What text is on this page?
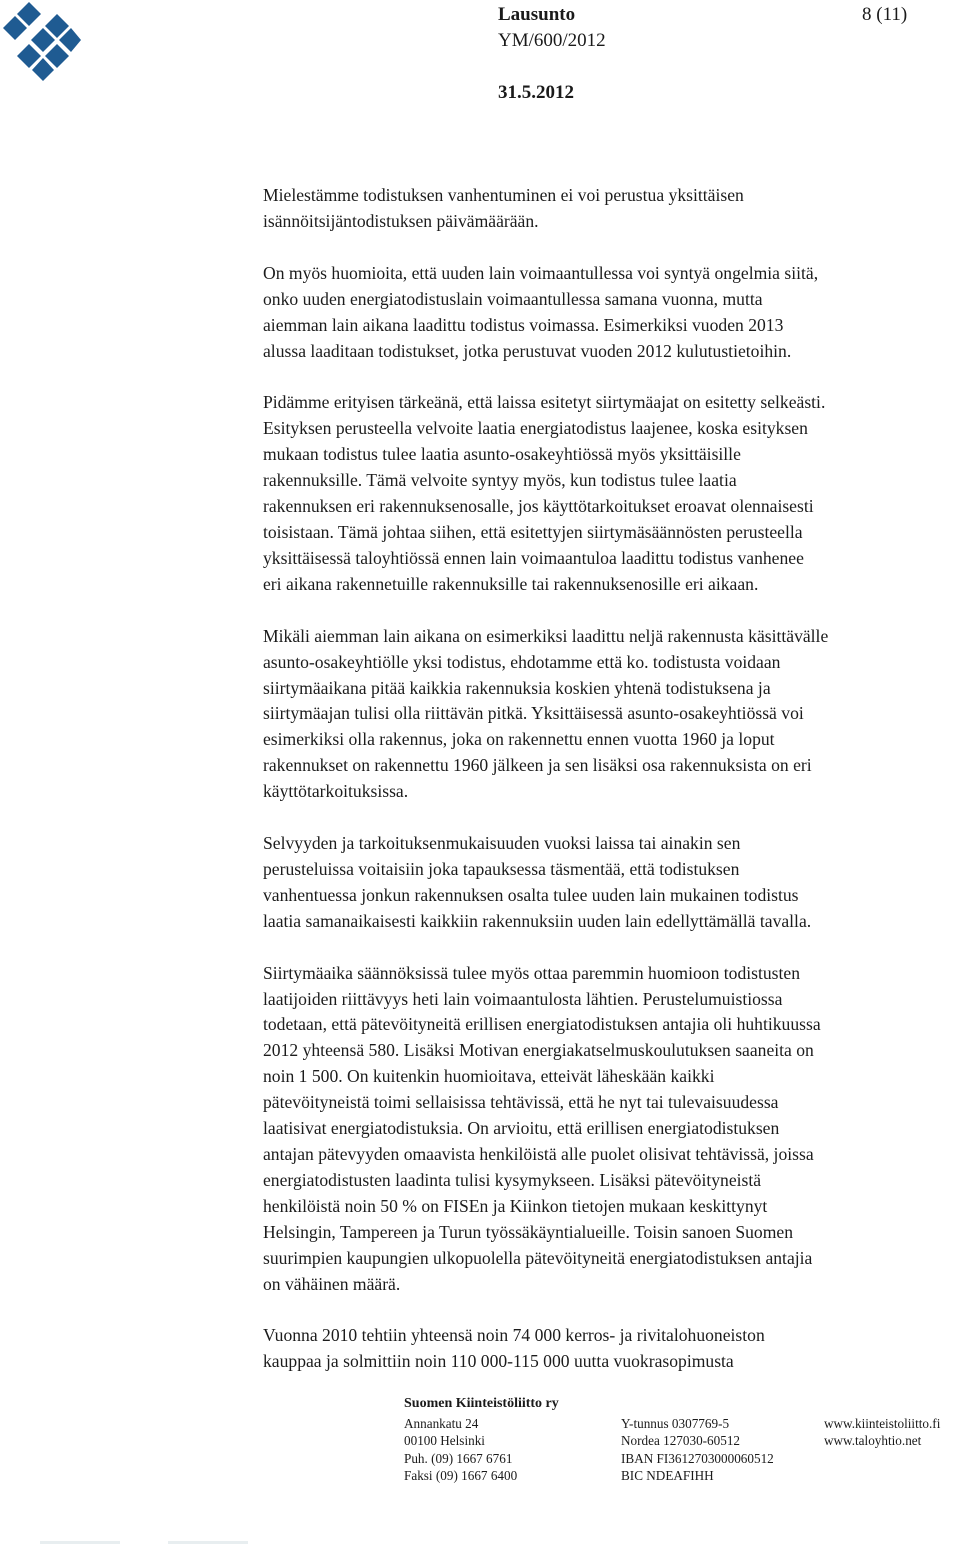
Lausunto	8 (11)
YM/600/2012
31.5.2012

Mielestämme todistuksen vanhentuminen ei voi perustua yksittäisen
isännöitsijäntodistuksen päivämäärään.

On myös huomioita, että uuden lain voimaantullessa voi syntyä ongelmia siitä,
onko uuden energiatodistuslain voimaantullessa samana vuonna, mutta
aiemman lain aikana laadittu todistus voimassa. Esimerkiksi vuoden 2013
alussa laaditaan todistukset, jotka perustuvat vuoden 2012 kulutustietoihin.

Pidämme erityisen tärkeänä, että laissa esitetyt siirtymäajat on esitetty selkeästi.
Esityksen perusteella velvoite laatia energiatodistus laajenee, koska esityksen
mukaan todistus tulee laatia asunto-osakeyhtiössä myös yksittäisille
rakennuksille. Tämä velvoite syntyy myös, kun todistus tulee laatia
rakennuksen eri rakennuksenosalle, jos käyttötarkoitukset eroavat olennaisesti
toisistaan. Tämä johtaa siihen, että esitettyjen siirtymäsäännösten perusteella
yksittäisessä taloyhtiössä ennen lain voimaantuloa laadittu todistus vanhenee
eri aikana rakennetuille rakennuksille tai rakennuksenosille eri aikaan.

Mikäli aiemman lain aikana on esimerkiksi laadittu neljä rakennusta käsittävälle
asunto-osakeyhtiölle yksi todistus, ehdotamme että ko. todistusta voidaan
siirtymäaikana pitää kaikkia rakennuksia koskien yhtenä todistuksena ja
siirtymäajan tulisi olla riittävän pitkä. Yksittäisessä asunto-osakeyhtiössä voi
esimerkiksi olla rakennus, joka on rakennettu ennen vuotta 1960 ja loput
rakennukset on rakennettu 1960 jälkeen ja sen lisäksi osa rakennuksista on eri
käyttötarkoituksissa.

Selvyyden ja tarkoituksenmukaisuuden vuoksi laissa tai ainakin sen
perusteluissa voitaisiin joka tapauksessa täsmentää, että todistuksen
vanhentuessa jonkun rakennuksen osalta tulee uuden lain mukainen todistus
laatia samanaikaisesti kaikkiin rakennuksiin uuden lain edellyttämällä tavalla.

Siirtymäaika säännöksissä tulee myös ottaa paremmin huomioon todistusten
laatijoiden riittävyys heti lain voimaantulosta lähtien. Perustelumuistiossa
todetaan, että pätevöityneitä erillisen energiatodistuksen antajia oli huhtikuussa
2012 yhteensä 580. Lisäksi Motivan energiakatselmuskoulutuksen saaneita on
noin 1 500. On kuitenkin huomioitava, etteivät läheskään kaikki
pätevöityneistä toimi sellaisissa tehtävissä, että he nyt tai tulevaisuudessa
laatisivat energiatodistuksia. On arvioitu, että erillisen energiatodistuksen
antajan pätevyyden omaavista henkilöistä alle puolet olisivat tehtävissä, joissa
energiatodistusten laadinta tulisi kysymykseen. Lisäksi pätevöityneistä
henkilöistä noin 50 % on FISEn ja Kiinkon tietojen mukaan keskittynyt
Helsingin, Tampereen ja Turun työssäkäyntialueille. Toisin sanoen Suomen
suurimpien kaupungien ulkopuolella pätevöityneitä energiatodistuksen antajia
on vähäinen määrä.

Vuonna 2010 tehtiin yhteensä noin 74 000 kerros- ja rivitalohuoneiston
kauppaa ja solmittiin noin 110 000-115 000 uutta vuokrasopimusta

Suomen Kiinteistöliitto ry
Annankatu 24
00100 Helsinki
Puh. (09) 1667 6761
Faksi (09) 1667 6400
Y-tunnus 0307769-5
Nordea 127030-60512
IBAN FI3612703000060512
BIC NDEAFIHH
www.kiinteistoliitto.fi
www.taloyhtio.net
